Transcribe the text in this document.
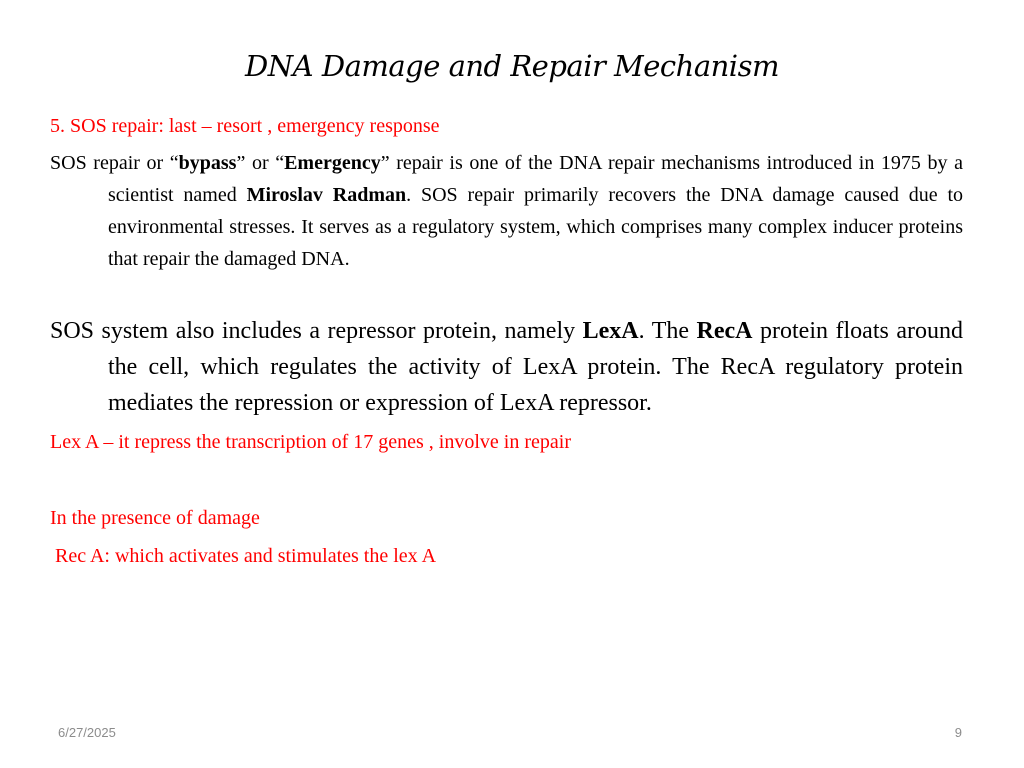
DNA Damage and Repair Mechanism

5. SOS repair: last – resort , emergency response

SOS repair or “bypass” or “Emergency” repair is one of the DNA repair mechanisms introduced in 1975 by a scientist named Miroslav Radman. SOS repair primarily recovers the DNA damage caused due to environmental stresses. It serves as a regulatory system, which comprises many complex inducer proteins that repair the damaged DNA.

SOS system also includes a repressor protein, namely LexA. The RecA protein floats around the cell, which regulates the activity of LexA protein. The RecA regulatory protein mediates the repression or expression of LexA repressor.

Lex A – it repress the transcription of 17 genes , involve in repair

In the presence of damage

Rec A: which activates and stimulates the lex A

6/27/2025	9
